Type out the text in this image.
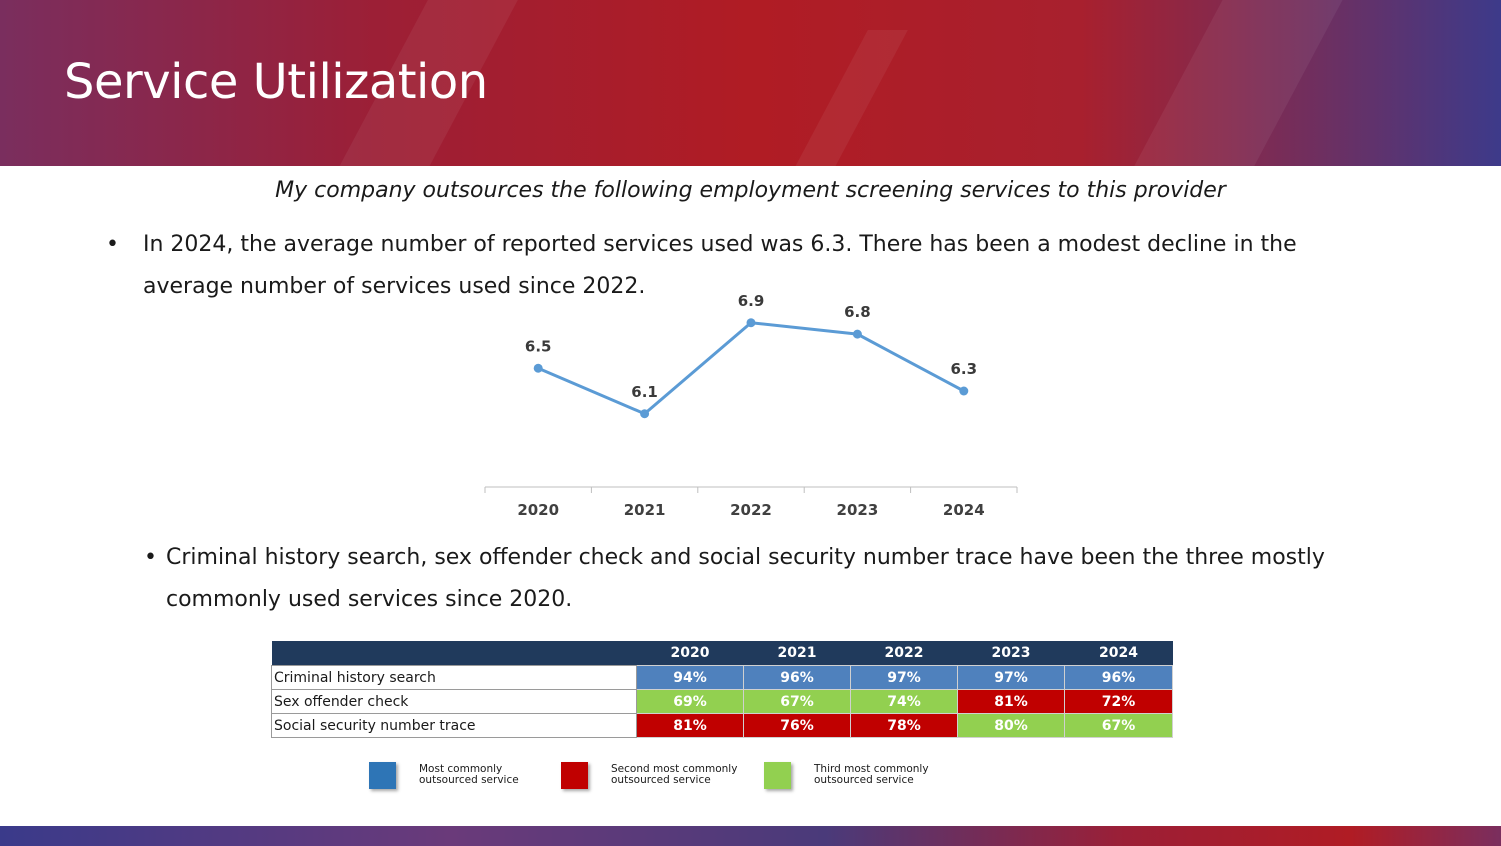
Service Utilization
My company outsources the following employment screening services to this provider
• In 2024, the average number of reported services used was 6.3. There has been a modest decline in the average number of services used since 2022.
2020	2021	2022	2023	2024
6.5
6.1
6.9
6.8
6.3
• Criminal history search, sex offender check and social security number trace have been the three mostly commonly used services since 2020.
	2020	2021	2022	2023	2024
Criminal history search	94%	96%	97%	97%	96%
Sex offender check	69%	67%	74%	81%	72%
Social security number trace	81%	76%	78%	80%	67%
Most commonly outsourced service
Second most commonly outsourced service
Third most commonly outsourced service
